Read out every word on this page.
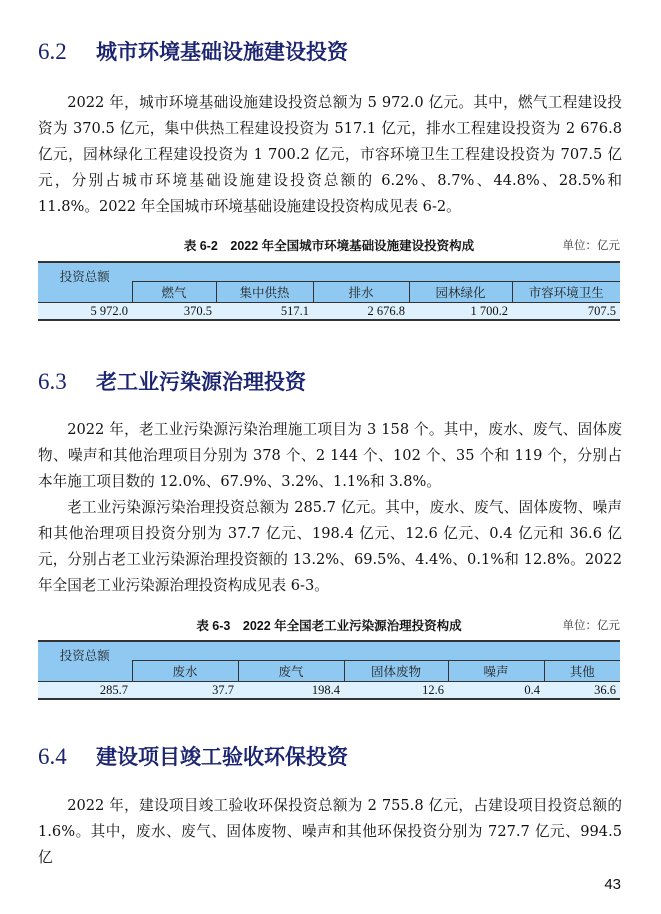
6.2 城市环境基础设施建设投资

2022 年，城市环境基础设施建设投资总额为 5 972.0 亿元。其中，燃气工程建设投资为 370.5 亿元，集中供热工程建设投资为 517.1 亿元，排水工程建设投资为 2 676.8 亿元，园林绿化工程建设投资为 1 700.2 亿元，市容环境卫生工程建设投资为 707.5 亿元，分别占城市环境基础设施建设投资总额的 6.2%、8.7%、44.8%、28.5%和 11.8%。2022 年全国城市环境基础设施建设投资构成见表 6-2。

表 6-2　2022 年全国城市环境基础设施建设投资构成	单位：亿元
投资总额					
	燃气	集中供热	排水	园林绿化	市容环境卫生
5 972.0	370.5	517.1	2 676.8	1 700.2	707.5
6.3 老工业污染源治理投资

2022 年，老工业污染源污染治理施工项目为 3 158 个。其中，废水、废气、固体废物、噪声和其他治理项目分别为 378 个、2 144 个、102 个、35 个和 119 个，分别占本年施工项目数的 12.0%、67.9%、3.2%、1.1%和 3.8%。

老工业污染源污染治理投资总额为 285.7 亿元。其中，废水、废气、固体废物、噪声和其他治理项目投资分别为 37.7 亿元、198.4 亿元、12.6 亿元、0.4 亿元和 36.6 亿元，分别占老工业污染源治理投资额的 13.2%、69.5%、4.4%、0.1%和 12.8%。2022 年全国老工业污染源治理投资构成见表 6-3。

表 6-3　2022 年全国老工业污染源治理投资构成	单位：亿元
投资总额					
	废水	废气	固体废物	噪声	其他
285.7	37.7	198.4	12.6	0.4	36.6
6.4 建设项目竣工验收环保投资

2022 年，建设项目竣工验收环保投资总额为 2 755.8 亿元，占建设项目投资总额的 1.6%。其中，废水、废气、固体废物、噪声和其他环保投资分别为 727.7 亿元、994.5 亿

43
